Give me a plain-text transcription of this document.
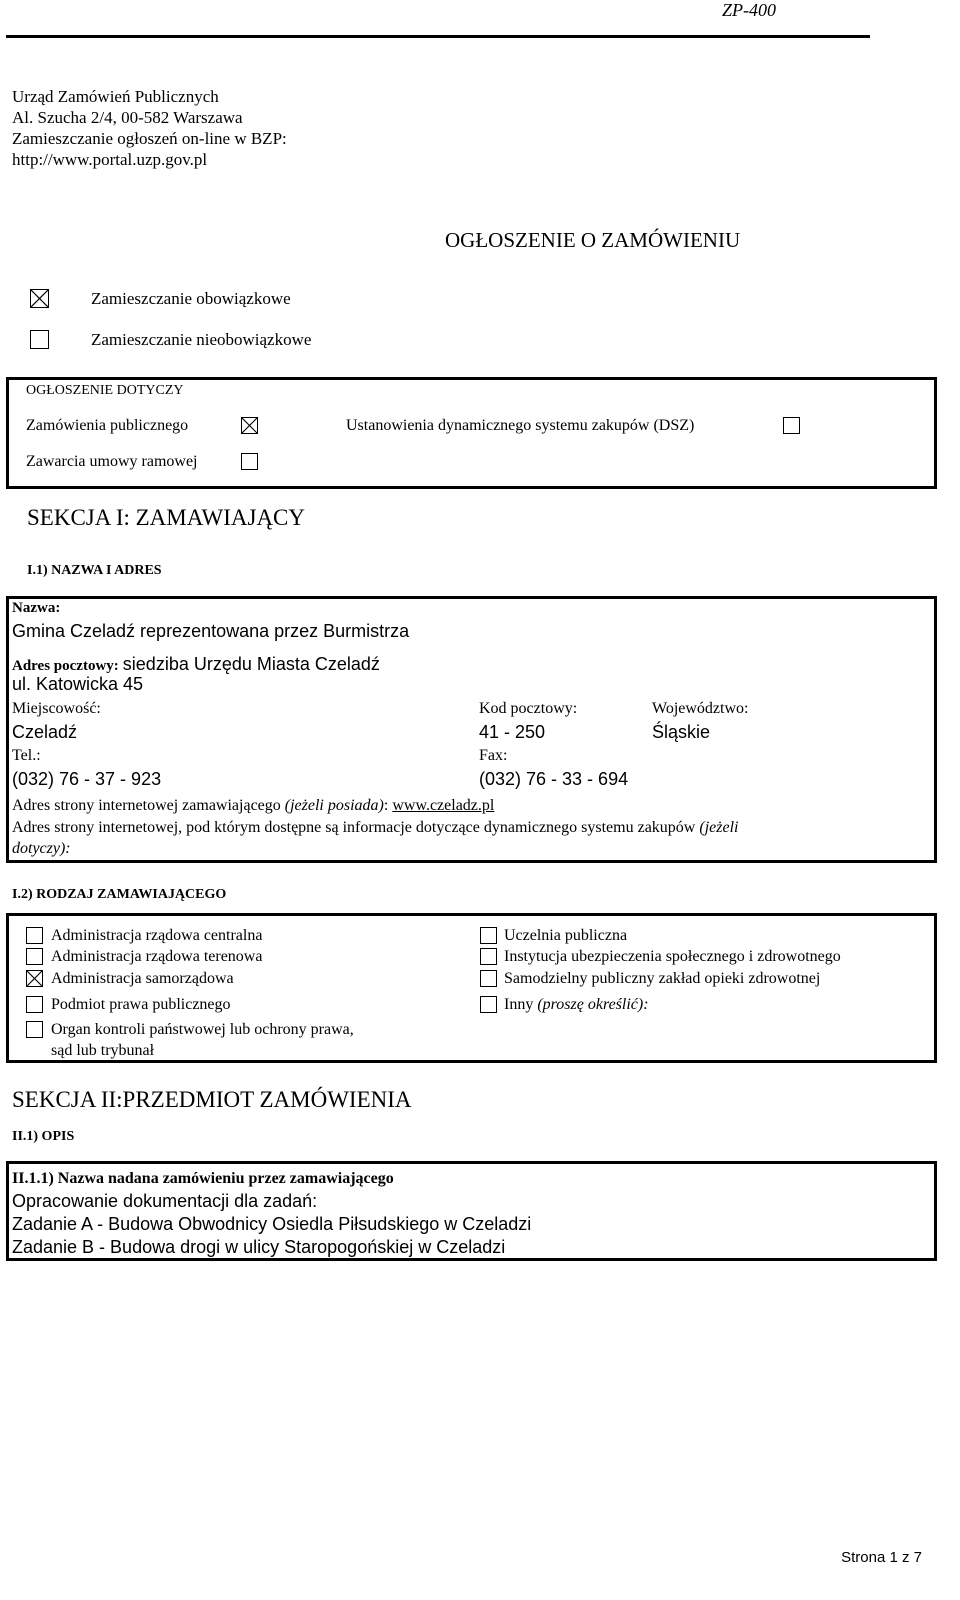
ZP-400
Urząd Zamówień Publicznych
Al. Szucha 2/4, 00-582 Warszawa
Zamieszczanie ogłoszeń on-line w BZP:
http://www.portal.uzp.gov.pl
OGŁOSZENIE O ZAMÓWIENIU
Zamieszczanie obowiązkowe
Zamieszczanie nieobowiązkowe
OGŁOSZENIE DOTYCZY
Zamówienia publicznego	Ustanowienia dynamicznego systemu zakupów (DSZ)
Zawarcia umowy ramowej
SEKCJA I: ZAMAWIAJĄCY
I.1) NAZWA I ADRES
Nazwa:
Gmina Czeladź reprezentowana przez Burmistrza
Adres pocztowy: siedziba Urzędu Miasta Czeladź
ul. Katowicka 45
Miejscowość:
Czeladź
Kod pocztowy:
41 - 250
Województwo:
Śląskie
Tel.:
(032) 76 - 37 - 923
Fax:
(032) 76 - 33 - 694
Adres strony internetowej zamawiającego (jeżeli posiada): www.czeladz.pl
Adres strony internetowej, pod którym dostępne są informacje dotyczące dynamicznego systemu zakupów (jeżeli
dotyczy):
I.2) RODZAJ ZAMAWIAJĄCEGO
Administracja rządowa centralna
Administracja rządowa terenowa
Administracja samorządowa
Podmiot prawa publicznego
Organ kontroli państwowej lub ochrony prawa,
sąd lub trybunał
Uczelnia publiczna
Instytucja ubezpieczenia społecznego i zdrowotnego
Samodzielny publiczny zakład opieki zdrowotnej
Inny (proszę określić):
SEKCJA II:PRZEDMIOT ZAMÓWIENIA
II.1) OPIS
II.1.1) Nazwa nadana zamówieniu przez zamawiającego
Opracowanie dokumentacji dla zadań:
Zadanie A - Budowa Obwodnicy Osiedla Piłsudskiego w Czeladzi
Zadanie B - Budowa drogi w ulicy Staropogońskiej w Czeladzi
Strona 1 z 7
